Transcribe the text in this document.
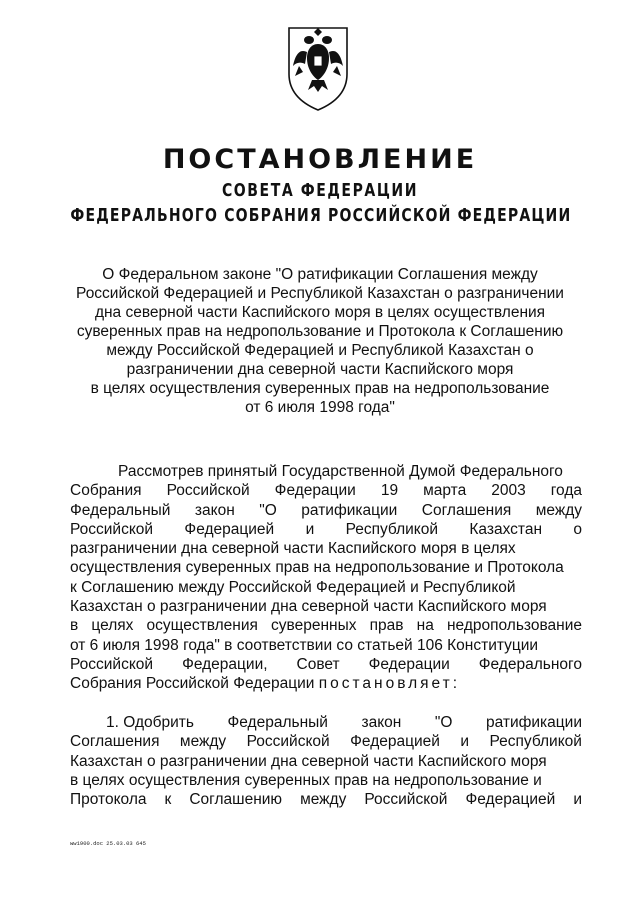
ПОСТАНОВЛЕНИЕ
СОВЕТА ФЕДЕРАЦИИ
ФЕДЕРАЛЬНОГО СОБРАНИЯ РОССИЙСКОЙ ФЕДЕРАЦИИ
О Федеральном законе "О ратификации Соглашения между
Российской Федерацией и Республикой Казахстан о разграничении
дна северной части Каспийского моря в целях осуществления
суверенных прав на недропользование и Протокола к Соглашению
между Российской Федерацией и Республикой Казахстан о
разграничении дна северной части Каспийского моря
в целях осуществления суверенных прав на недропользование
от 6 июля 1998 года"
Рассмотрев принятый Государственной Думой Федерального
Собрания Российской Федерации 19 марта 2003 года
Федеральный закон "О ратификации Соглашения между
Российской Федерацией и Республикой Казахстан о
разграничении дна северной части Каспийского моря в целях
осуществления суверенных прав на недропользование и Протокола
к Соглашению между Российской Федерацией и Республикой
Казахстан о разграничении дна северной части Каспийского моря
в целях осуществления суверенных прав на недропользование
от 6 июля 1998 года" в соответствии со статьей 106 Конституции
Российской Федерации, Совет Федерации Федерального
Собрания Российской Федерации
постановляет:
1. Одобрить Федеральный закон "О ратификации
Соглашения между Российской Федерацией и Республикой
Казахстан о разграничении дна северной части Каспийского моря
в целях осуществления суверенных прав на недропользование и
Протокола к Соглашению между Российской Федерацией и
ww1900.doc 25.03.03 645
